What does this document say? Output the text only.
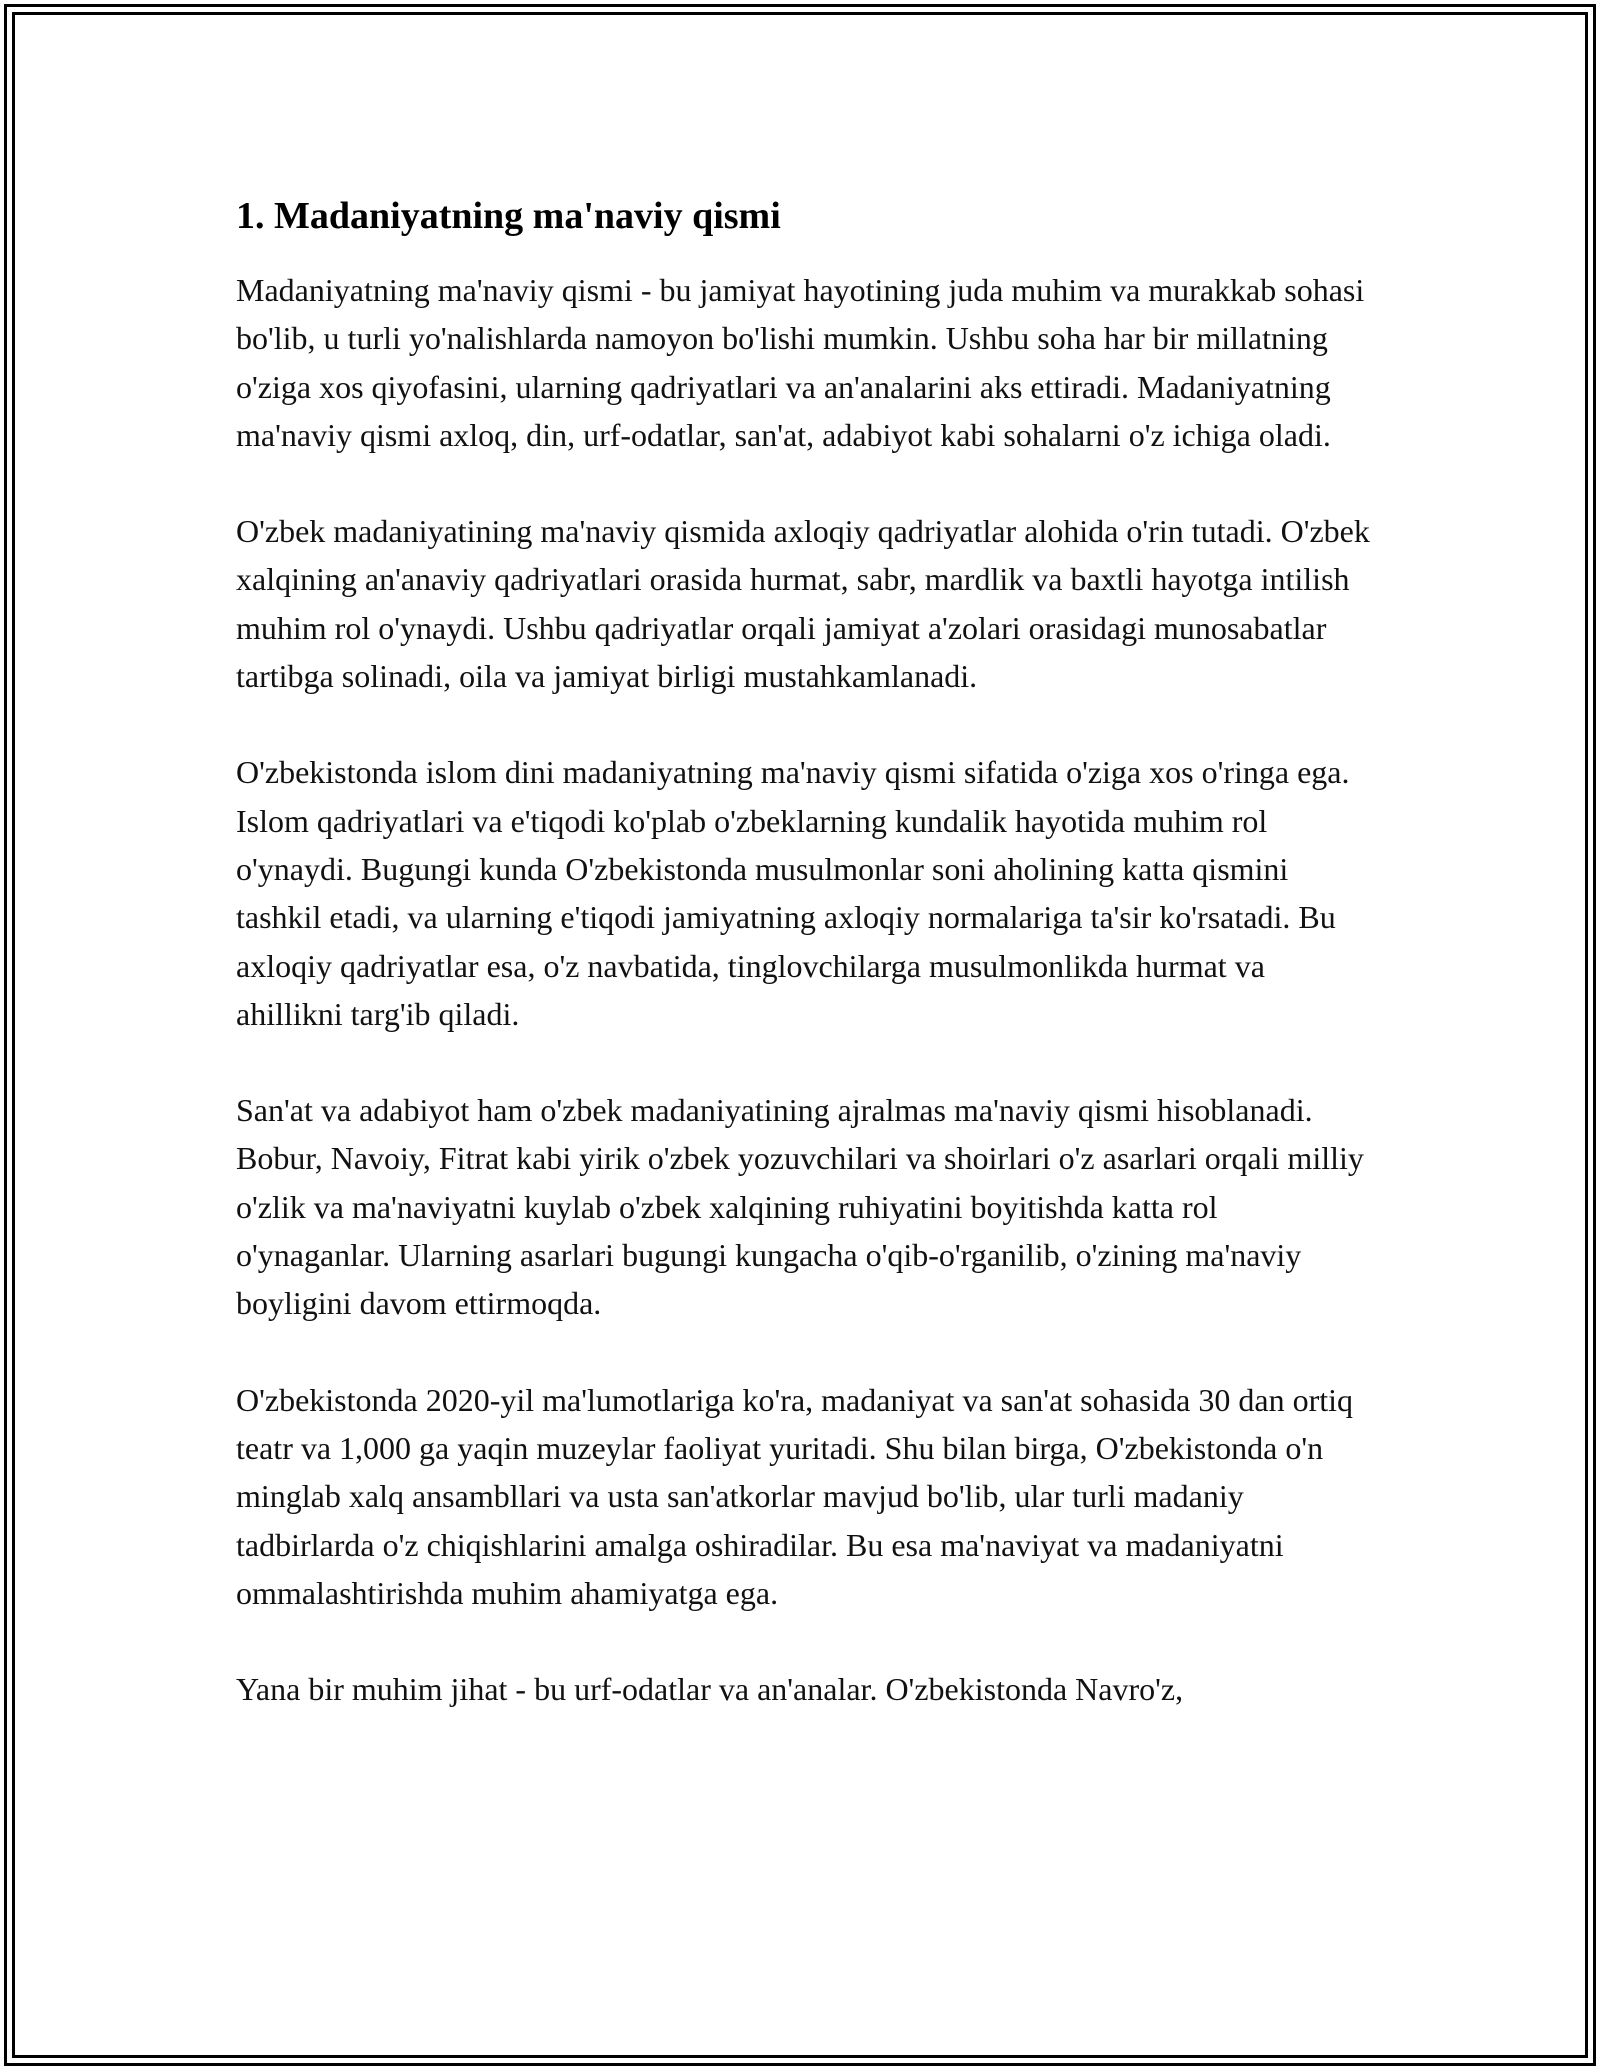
1. Madaniyatning ma'naviy qismi

Madaniyatning ma'naviy qismi - bu jamiyat hayotining juda muhim va murakkab sohasi bo'lib, u turli yo'nalishlarda namoyon bo'lishi mumkin. Ushbu soha har bir millatning o'ziga xos qiyofasini, ularning qadriyatlari va an'analarini aks ettiradi. Madaniyatning ma'naviy qismi axloq, din, urf-odatlar, san'at, adabiyot kabi sohalarni o'z ichiga oladi.

O'zbek madaniyatining ma'naviy qismida axloqiy qadriyatlar alohida o'rin tutadi. O'zbek xalqining an'anaviy qadriyatlari orasida hurmat, sabr, mardlik va baxtli hayotga intilish muhim rol o'ynaydi. Ushbu qadriyatlar orqali jamiyat a'zolari orasidagi munosabatlar tartibga solinadi, oila va jamiyat birligi mustahkamlanadi.

O'zbekistonda islom dini madaniyatning ma'naviy qismi sifatida o'ziga xos o'ringa ega. Islom qadriyatlari va e'tiqodi ko'plab o'zbeklarning kundalik hayotida muhim rol o'ynaydi. Bugungi kunda O'zbekistonda musulmonlar soni aholining katta qismini tashkil etadi, va ularning e'tiqodi jamiyatning axloqiy normalariga ta'sir ko'rsatadi. Bu axloqiy qadriyatlar esa, o'z navbatida, tinglovchilarga musulmonlikda hurmat va ahillikni targ'ib qiladi.

San'at va adabiyot ham o'zbek madaniyatining ajralmas ma'naviy qismi hisoblanadi. Bobur, Navoiy, Fitrat kabi yirik o'zbek yozuvchilari va shoirlari o'z asarlari orqali milliy o'zlik va ma'naviyatni kuylab o'zbek xalqining ruhiyatini boyitishda katta rol o'ynaganlar. Ularning asarlari bugungi kungacha o'qib-o'rganilib, o'zining ma'naviy boyligini davom ettirmoqda.

O'zbekistonda 2020-yil ma'lumotlariga ko'ra, madaniyat va san'at sohasida 30 dan ortiq teatr va 1,000 ga yaqin muzeylar faoliyat yuritadi. Shu bilan birga, O'zbekistonda o'n minglab xalq ansambllari va usta san'atkorlar mavjud bo'lib, ular turli madaniy tadbirlarda o'z chiqishlarini amalga oshiradilar. Bu esa ma'naviyat va madaniyatni ommalashtirishda muhim ahamiyatga ega.

Yana bir muhim jihat - bu urf-odatlar va an'analar. O'zbekistonda Navro'z,
